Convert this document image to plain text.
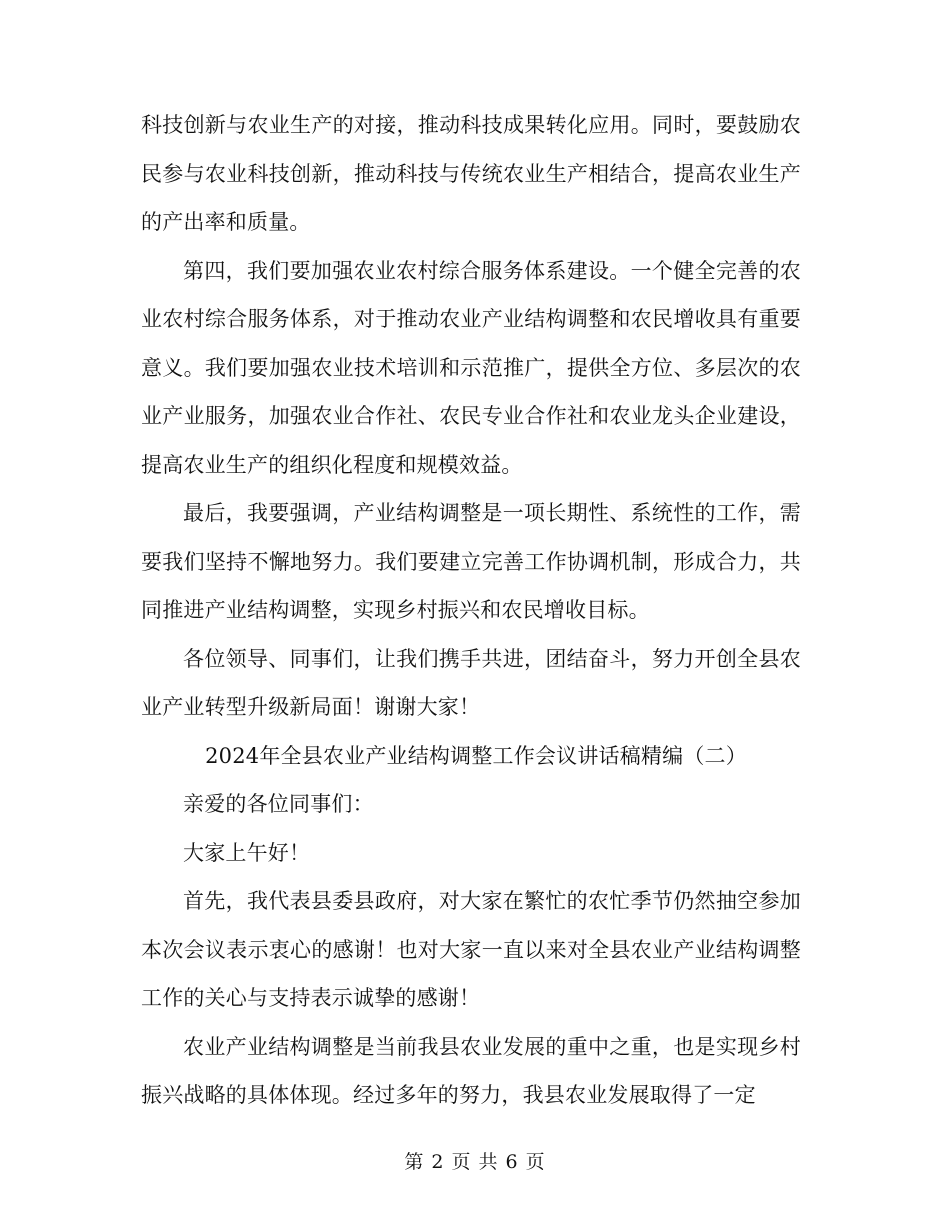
科技创新与农业生产的对接，推动科技成果转化应用。同时，要鼓励农民参与农业科技创新，推动科技与传统农业生产相结合，提高农业生产的产出率和质量。

第四，我们要加强农业农村综合服务体系建设。一个健全完善的农业农村综合服务体系，对于推动农业产业结构调整和农民增收具有重要意义。我们要加强农业技术培训和示范推广，提供全方位、多层次的农业产业服务，加强农业合作社、农民专业合作社和农业龙头企业建设，提高农业生产的组织化程度和规模效益。

最后，我要强调，产业结构调整是一项长期性、系统性的工作，需要我们坚持不懈地努力。我们要建立完善工作协调机制，形成合力，共同推进产业结构调整，实现乡村振兴和农民增收目标。

各位领导、同事们，让我们携手共进，团结奋斗，努力开创全县农业产业转型升级新局面！谢谢大家！

2024年全县农业产业结构调整工作会议讲话稿精编（二）

亲爱的各位同事们：

大家上午好！

首先，我代表县委县政府，对大家在繁忙的农忙季节仍然抽空参加本次会议表示衷心的感谢！也对大家一直以来对全县农业产业结构调整工作的关心与支持表示诚挚的感谢！

农业产业结构调整是当前我县农业发展的重中之重，也是实现乡村振兴战略的具体体现。经过多年的努力，我县农业发展取得了一定

第 2 页 共 6 页
